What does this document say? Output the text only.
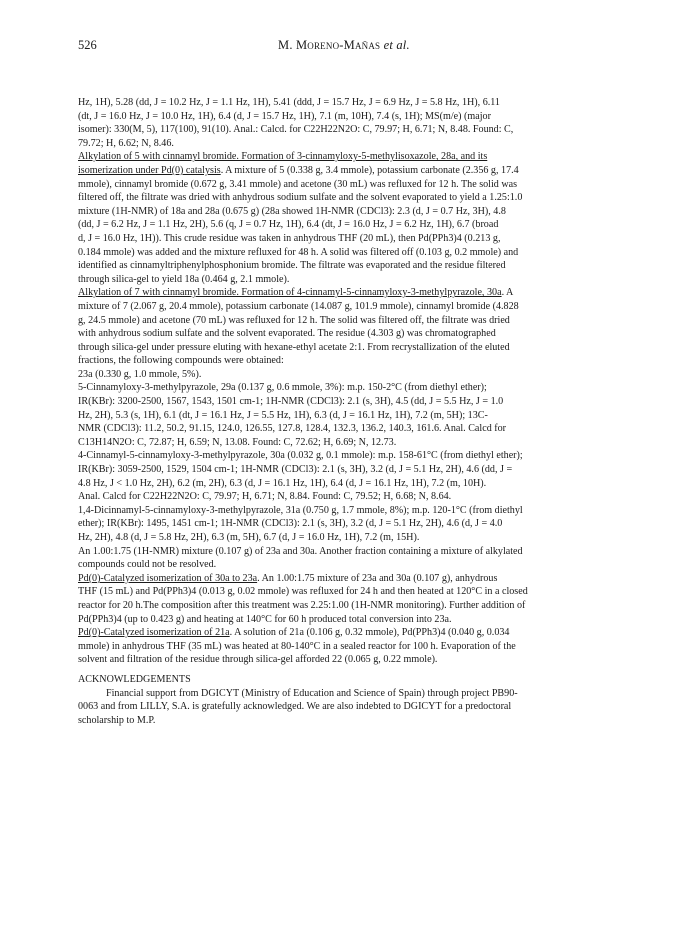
526	M. Moreno-Mañas et al.
Hz, 1H), 5.28 (dd, J = 10.2 Hz, J = 1.1 Hz, 1H), 5.41 (ddd, J = 15.7 Hz, J = 6.9 Hz, J = 5.8 Hz, 1H), 6.11
(dt, J = 16.0 Hz, J = 10.0 Hz, 1H), 6.4 (d, J = 15.7 Hz, 1H), 7.1 (m, 10H), 7.4 (s, 1H); MS(m/e) (major
isomer): 330(M, 5), 117(100), 91(10). Anal.: Calcd. for C22H22N2O: C, 79.97; H, 6.71; N, 8.48. Found: C,
79.72; H, 6.62; N, 8.46.
Alkylation of 5 with cinnamyl bromide. Formation of 3-cinnamyloxy-5-methylisoxazole, 28a, and its
isomerization under Pd(0) catalysis. A mixture of 5 (0.338 g, 3.4 mmole), potassium carbonate (2.356 g, 17.4
mmole), cinnamyl bromide (0.672 g, 3.41 mmole) and acetone (30 mL) was refluxed for 12 h. The solid was
filtered off, the filtrate was dried with anhydrous sodium sulfate and the solvent evaporated to yield a 1.25:1.0
mixture (1H-NMR) of 18a and 28a (0.675 g) (28a showed 1H-NMR (CDCl3): 2.3 (d, J = 0.7 Hz, 3H), 4.8
(dd, J = 6.2 Hz, J = 1.1 Hz, 2H), 5.6 (q, J = 0.7 Hz, 1H), 6.4 (dt, J = 16.0 Hz, J = 6.2 Hz, 1H), 6.7 (broad
d, J = 16.0 Hz, 1H)). This crude residue was taken in anhydrous THF (20 mL), then Pd(PPh3)4 (0.213 g,
0.184 mmole) was added and the mixture refluxed for 48 h. A solid was filtered off (0.103 g, 0.2 mmole) and
identified as cinnamyltriphenylphosphonium bromide. The filtrate was evaporated and the residue filtered
through silica-gel to yield 18a (0.464 g, 2.1 mmole).
Alkylation of 7 with cinnamyl bromide. Formation of 4-cinnamyl-5-cinnamyloxy-3-methylpyrazole, 30a. A
mixture of 7 (2.067 g, 20.4 mmole), potassium carbonate (14.087 g, 101.9 mmole), cinnamyl bromide (4.828
g, 24.5 mmole) and acetone (70 mL) was refluxed for 12 h. The solid was filtered off, the filtrate was dried
with anhydrous sodium sulfate and the solvent evaporated. The residue (4.303 g) was chromatographed
through silica-gel under pressure eluting with hexane-ethyl acetate 2:1. From recrystallization of the eluted
fractions, the following compounds were obtained:
23a (0.330 g, 1.0 mmole, 5%).
5-Cinnamyloxy-3-methylpyrazole, 29a (0.137 g, 0.6 mmole, 3%): m.p. 150-2°C (from diethyl ether);
IR(KBr): 3200-2500, 1567, 1543, 1501 cm-1; 1H-NMR (CDCl3): 2.1 (s, 3H), 4.5 (dd, J = 5.5 Hz, J = 1.0
Hz, 2H), 5.3 (s, 1H), 6.1 (dt, J = 16.1 Hz, J = 5.5 Hz, 1H), 6.3 (d, J = 16.1 Hz, 1H), 7.2 (m, 5H); 13C-
NMR (CDCl3): 11.2, 50.2, 91.15, 124.0, 126.55, 127.8, 128.4, 132.3, 136.2, 140.3, 161.6. Anal. Calcd for
C13H14N2O: C, 72.87; H, 6.59; N, 13.08. Found: C, 72.62; H, 6.69; N, 12.73.
4-Cinnamyl-5-cinnamyloxy-3-methylpyrazole, 30a (0.032 g, 0.1 mmole): m.p. 158-61°C (from diethyl ether);
IR(KBr): 3059-2500, 1529, 1504 cm-1; 1H-NMR (CDCl3): 2.1 (s, 3H), 3.2 (d, J = 5.1 Hz, 2H), 4.6 (dd, J =
4.8 Hz, J < 1.0 Hz, 2H), 6.2 (m, 2H), 6.3 (d, J = 16.1 Hz, 1H), 6.4 (d, J = 16.1 Hz, 1H), 7.2 (m, 10H).
Anal. Calcd for C22H22N2O: C, 79.97; H, 6.71; N, 8.84. Found: C, 79.52; H, 6.68; N, 8.64.
1,4-Dicinnamyl-5-cinnamyloxy-3-methylpyrazole, 31a (0.750 g, 1.7 mmole, 8%); m.p. 120-1°C (from diethyl
ether); IR(KBr): 1495, 1451 cm-1; 1H-NMR (CDCl3): 2.1 (s, 3H), 3.2 (d, J = 5.1 Hz, 2H), 4.6 (d, J = 4.0
Hz, 2H), 4.8 (d, J = 5.8 Hz, 2H), 6.3 (m, 5H), 6.7 (d, J = 16.0 Hz, 1H), 7.2 (m, 15H).
An 1.00:1.75 (1H-NMR) mixture (0.107 g) of 23a and 30a. Another fraction containing a mixture of alkylated
compounds could not be resolved.
Pd(0)-Catalyzed isomerization of 30a to 23a. An 1.00:1.75 mixture of 23a and 30a (0.107 g), anhydrous
THF (15 mL) and Pd(PPh3)4 (0.013 g, 0.02 mmole) was refluxed for 24 h and then heated at 120°C in a closed
reactor for 20 h.The composition after this treatment was 2.25:1.00 (1H-NMR monitoring). Further addition of
Pd(PPh3)4 (up to 0.423 g) and heating at 140°C for 60 h produced total conversion into 23a.
Pd(0)-Catalyzed isomerization of 21a. A solution of 21a (0.106 g, 0.32 mmole), Pd(PPh3)4 (0.040 g, 0.034
mmole) in anhydrous THF (35 mL) was heated at 80-140°C in a sealed reactor for 100 h. Evaporation of the
solvent and filtration of the residue through silica-gel afforded 22 (0.065 g, 0.22 mmole).
ACKNOWLEDGEMENTS
Financial support from DGICYT (Ministry of Education and Science of Spain) through project PB90-
0063 and from LILLY, S.A. is gratefully acknowledged. We are also indebted to DGICYT for a predoctoral
scholarship to M.P.
